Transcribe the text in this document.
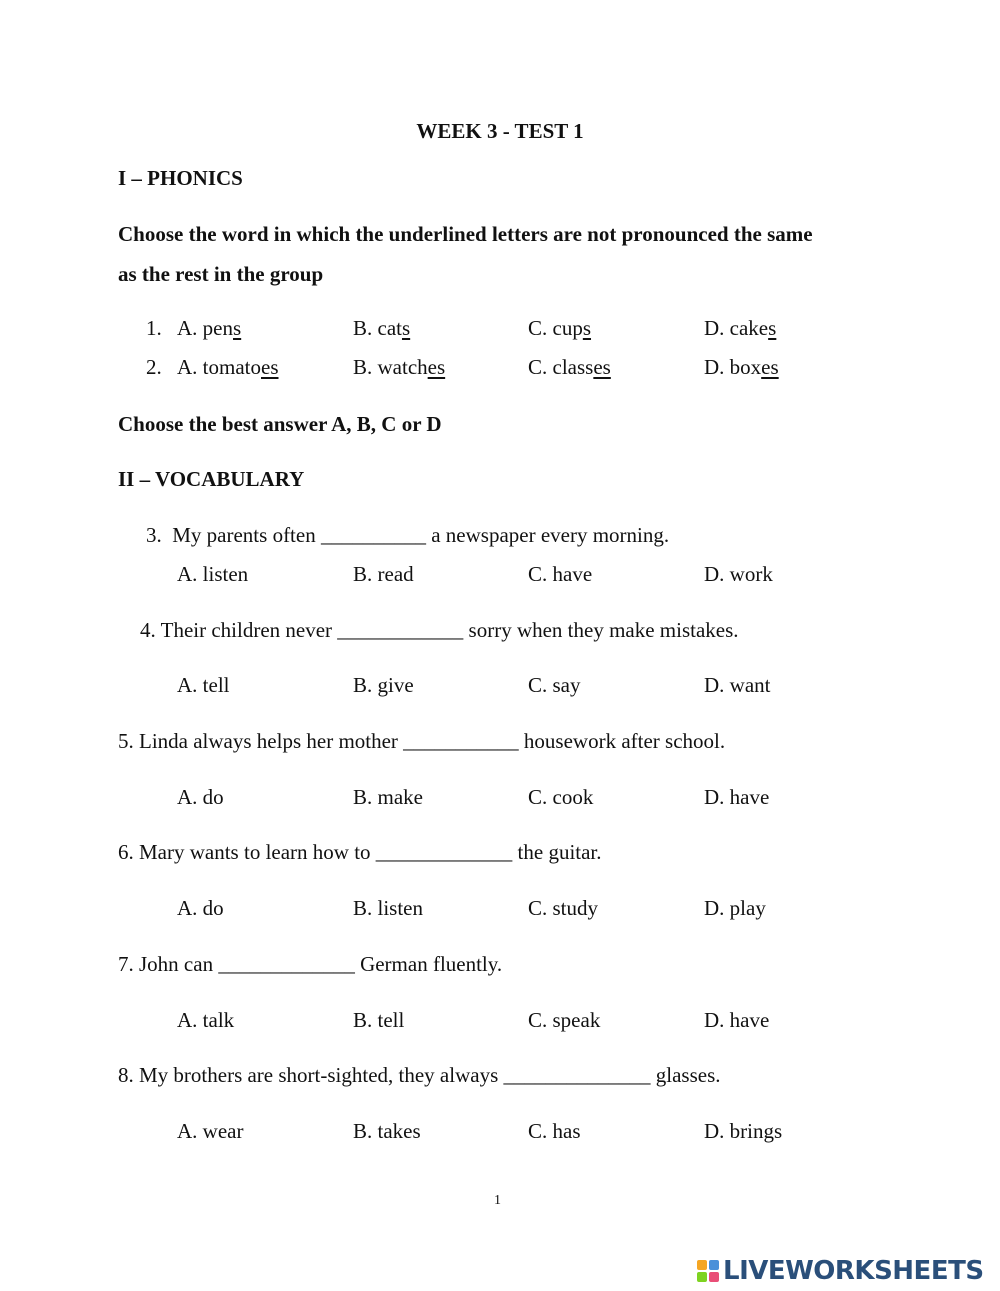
WEEK 3 - TEST 1
I – PHONICS
Choose the word in which the underlined letters are not pronounced the same
as the rest in the group
1. A. pens	B. cats	C. cups	D. cakes
2. A. tomatoes	B. watches	C. classes	D. boxes
Choose the best answer A, B, C or D
II – VOCABULARY
3.  My parents often __________ a newspaper every morning.
A. listen	B. read	C. have	D. work
4. Their children never ____________ sorry when they make mistakes.
A. tell	B. give	C. say	D. want
5. Linda always helps her mother ___________ housework after school.
A. do	B. make	C. cook	D. have
6. Mary wants to learn how to _____________ the guitar.
A. do	B. listen	C. study	D. play
7. John can _____________ German fluently.
A. talk	B. tell	C. speak	D. have
8. My brothers are short-sighted, they always ______________ glasses.
A. wear	B. takes	C. has	D. brings
1
LIVEWORKSHEETS
